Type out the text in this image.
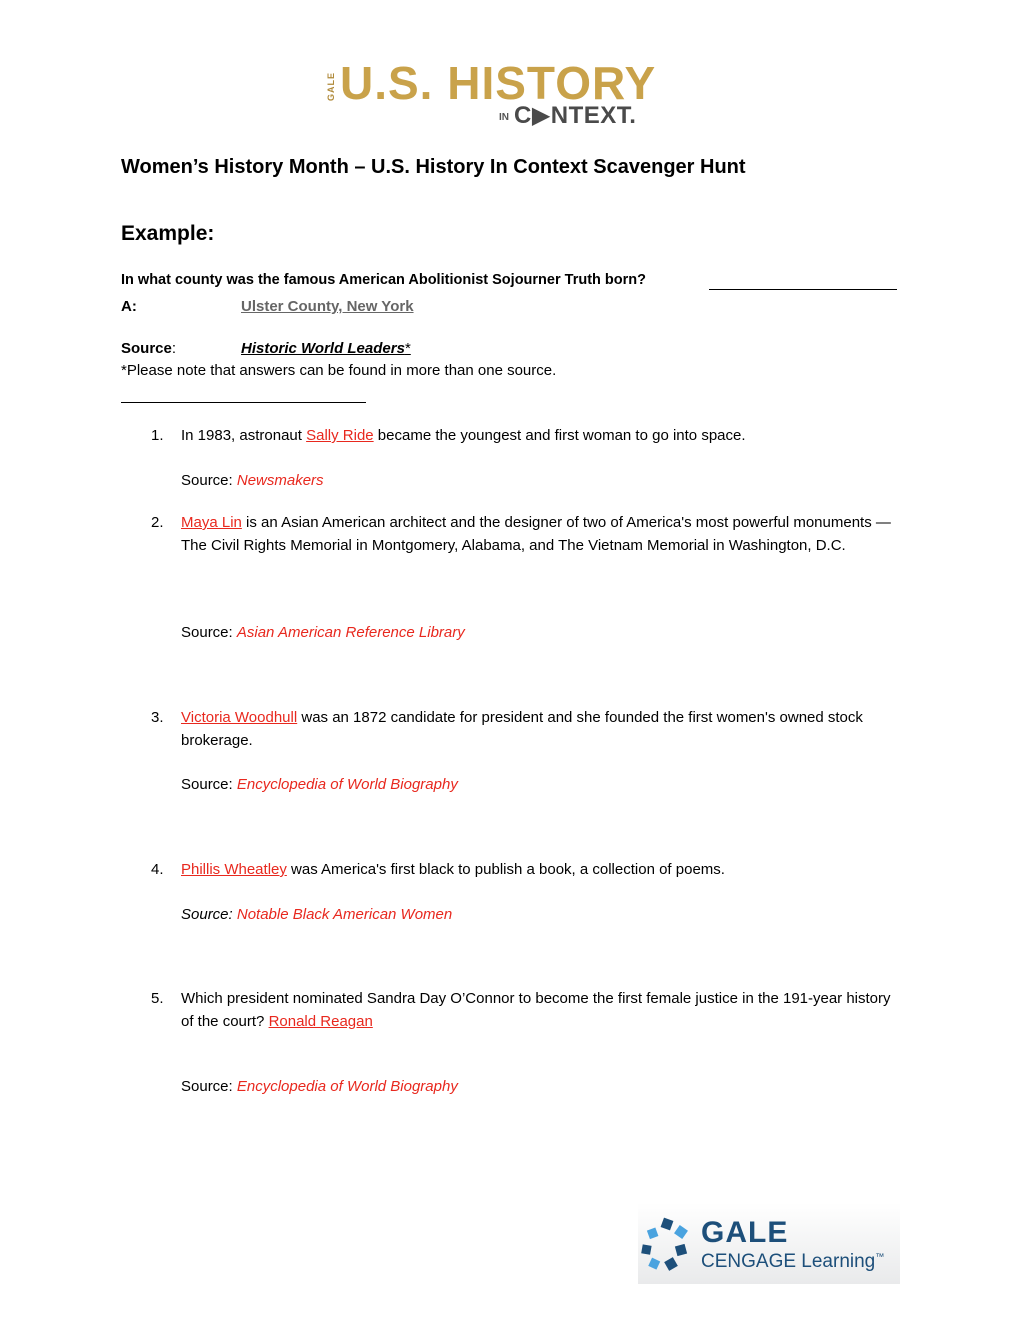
GALE U.S. HISTORY
IN C▶NTEXT.
Women’s History Month – U.S. History In Context Scavenger Hunt
Example:
In what county was the famous American Abolitionist Sojourner Truth born?
A:	Ulster County, New York
Source:	Historic World Leaders*
*Please note that answers can be found in more than one source.
1. In 1983, astronaut Sally Ride became the youngest and first woman to go into space.
Source: Newsmakers
2. Maya Lin is an Asian American architect and the designer of two of America's most powerful monuments — The Civil Rights Memorial in Montgomery, Alabama, and The Vietnam Memorial in Washington, D.C.
Source: Asian American Reference Library
3. Victoria Woodhull was an 1872 candidate for president and she founded the first women's owned stock brokerage.
Source: Encyclopedia of World Biography
4. Phillis Wheatley was America's first black to publish a book, a collection of poems.
Source: Notable Black American Women
5. Which president nominated Sandra Day O’Connor to become the first female justice in the 191-year history of the court? Ronald Reagan
Source: Encyclopedia of World Biography
GALE
CENGAGE Learning™
